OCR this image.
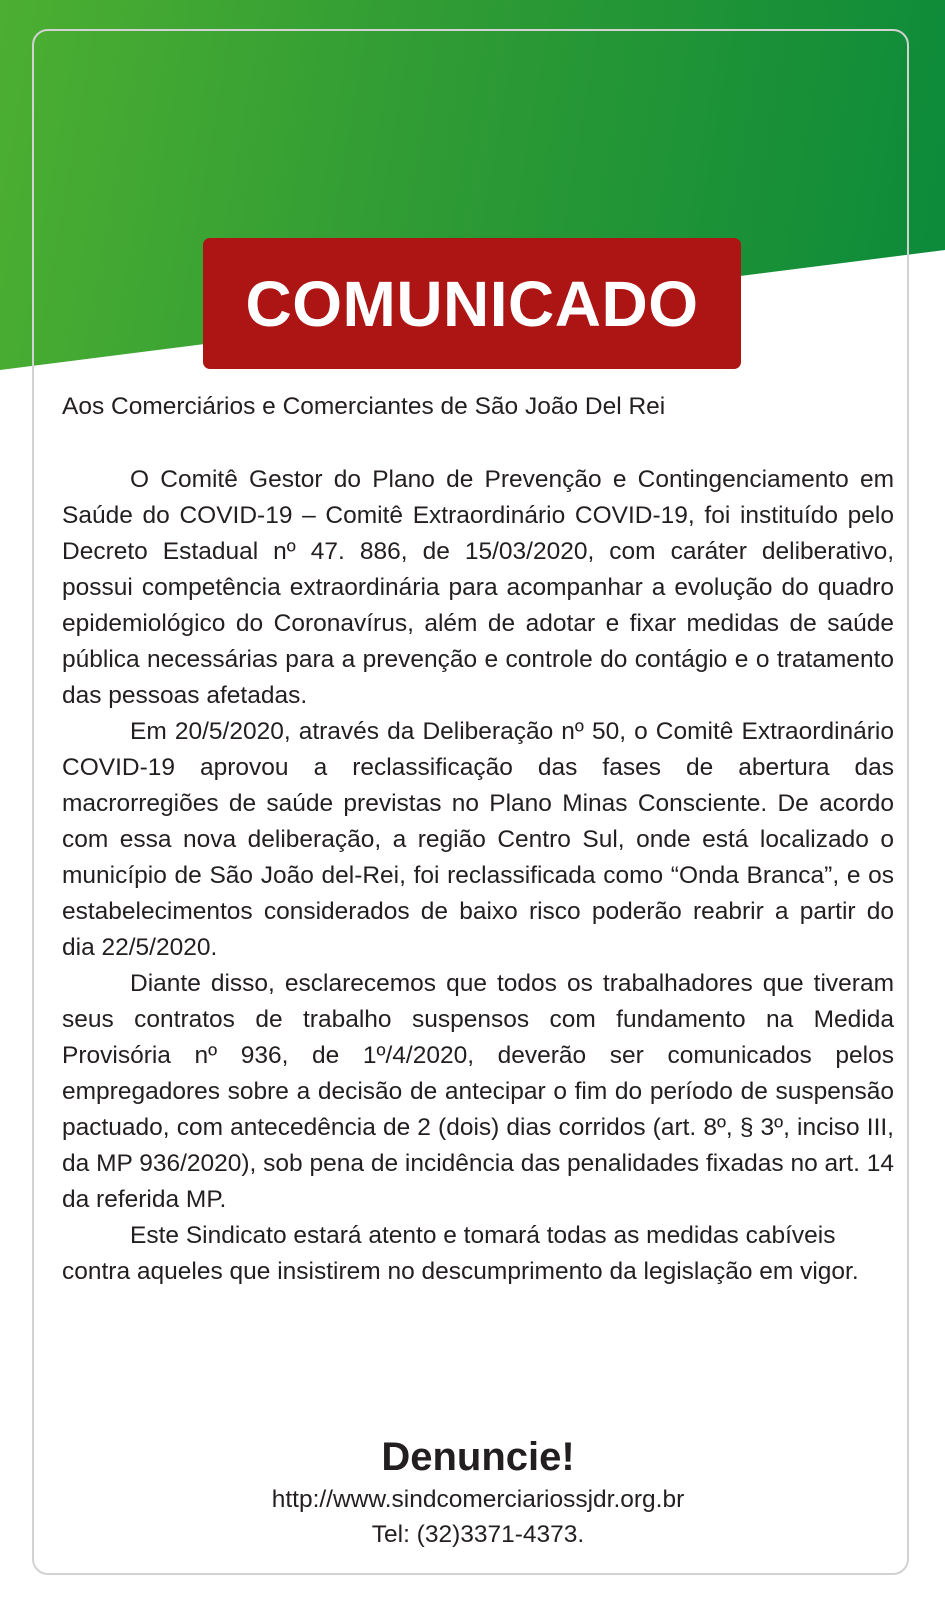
COMUNICADO

Aos Comerciários e Comerciantes de São João Del Rei

O Comitê Gestor do Plano de Prevenção e Contingenciamento em Saúde do COVID-19 – Comitê Extraordinário COVID-19, foi instituído pelo Decreto Estadual nº 47. 886, de 15/03/2020, com caráter deliberativo, possui competência extraordinária para acompanhar a evolução do quadro epidemiológico do Coronavírus, além de adotar e fixar medidas de saúde pública necessárias para a prevenção e controle do contágio e o tratamento das pessoas afetadas.

Em 20/5/2020, através da Deliberação nº 50, o Comitê Extraordinário COVID-19 aprovou a reclassificação das fases de abertura das macrorregiões de saúde previstas no Plano Minas Consciente. De acordo com essa nova deliberação, a região Centro Sul, onde está localizado o município de São João del-Rei, foi reclassificada como “Onda Branca”, e os estabelecimentos considerados de baixo risco poderão reabrir a partir do dia 22/5/2020.

Diante disso, esclarecemos que todos os trabalhadores que tiveram seus contratos de trabalho suspensos com fundamento na Medida Provisória nº 936, de 1º/4/2020, deverão ser comunicados pelos empregadores sobre a decisão de antecipar o fim do período de suspensão pactuado, com antecedência de 2 (dois) dias corridos (art. 8º, § 3º, inciso III, da MP 936/2020), sob pena de incidência das penalidades fixadas no art. 14 da referida MP.

Este Sindicato estará atento e tomará todas as medidas cabíveis contra aqueles que insistirem no descumprimento da legislação em vigor.

Denuncie!
http://www.sindcomerciariossjdr.org.br
Tel: (32)3371-4373.
